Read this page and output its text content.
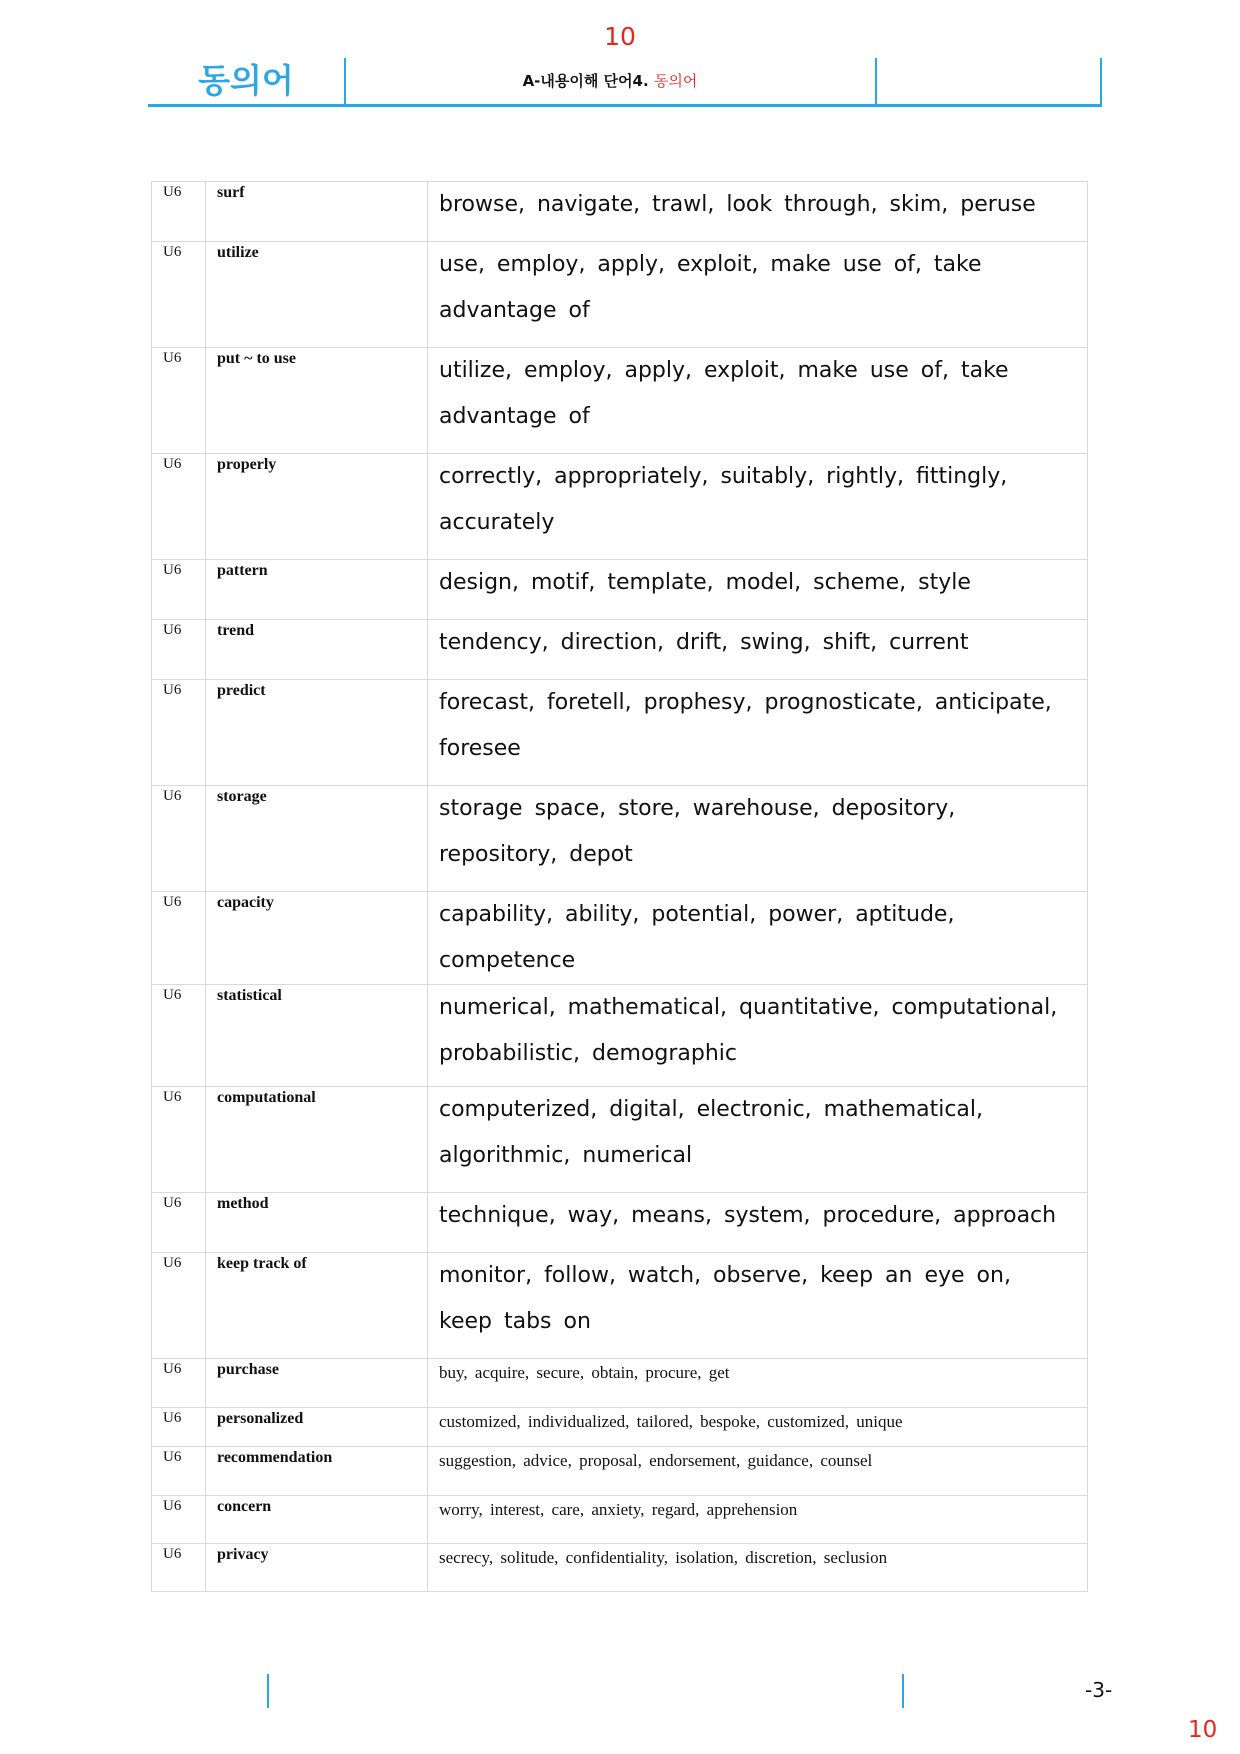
10
동의어	A-내용이해 단어4. 동의어
U6	surf	browse, navigate, trawl, look through, skim, peruse
U6	utilize	use, employ, apply, exploit, make use of, take advantage of
U6	put ~ to use	utilize, employ, apply, exploit, make use of, take advantage of
U6	properly	correctly, appropriately, suitably, rightly, fittingly, accurately
U6	pattern	design, motif, template, model, scheme, style
U6	trend	tendency, direction, drift, swing, shift, current
U6	predict	forecast, foretell, prophesy, prognosticate, anticipate, foresee
U6	storage	storage space, store, warehouse, depository, repository, depot
U6	capacity	capability, ability, potential, power, aptitude, competence
U6	statistical	numerical, mathematical, quantitative, computational, probabilistic, demographic
U6	computational	computerized, digital, electronic, mathematical, algorithmic, numerical
U6	method	technique, way, means, system, procedure, approach
U6	keep track of	monitor, follow, watch, observe, keep an eye on, keep tabs on
U6	purchase	buy, acquire, secure, obtain, procure, get
U6	personalized	customized, individualized, tailored, bespoke, customized, unique
U6	recommendation	suggestion, advice, proposal, endorsement, guidance, counsel
U6	concern	worry, interest, care, anxiety, regard, apprehension
U6	privacy	secrecy, solitude, confidentiality, isolation, discretion, seclusion
-3-
10
